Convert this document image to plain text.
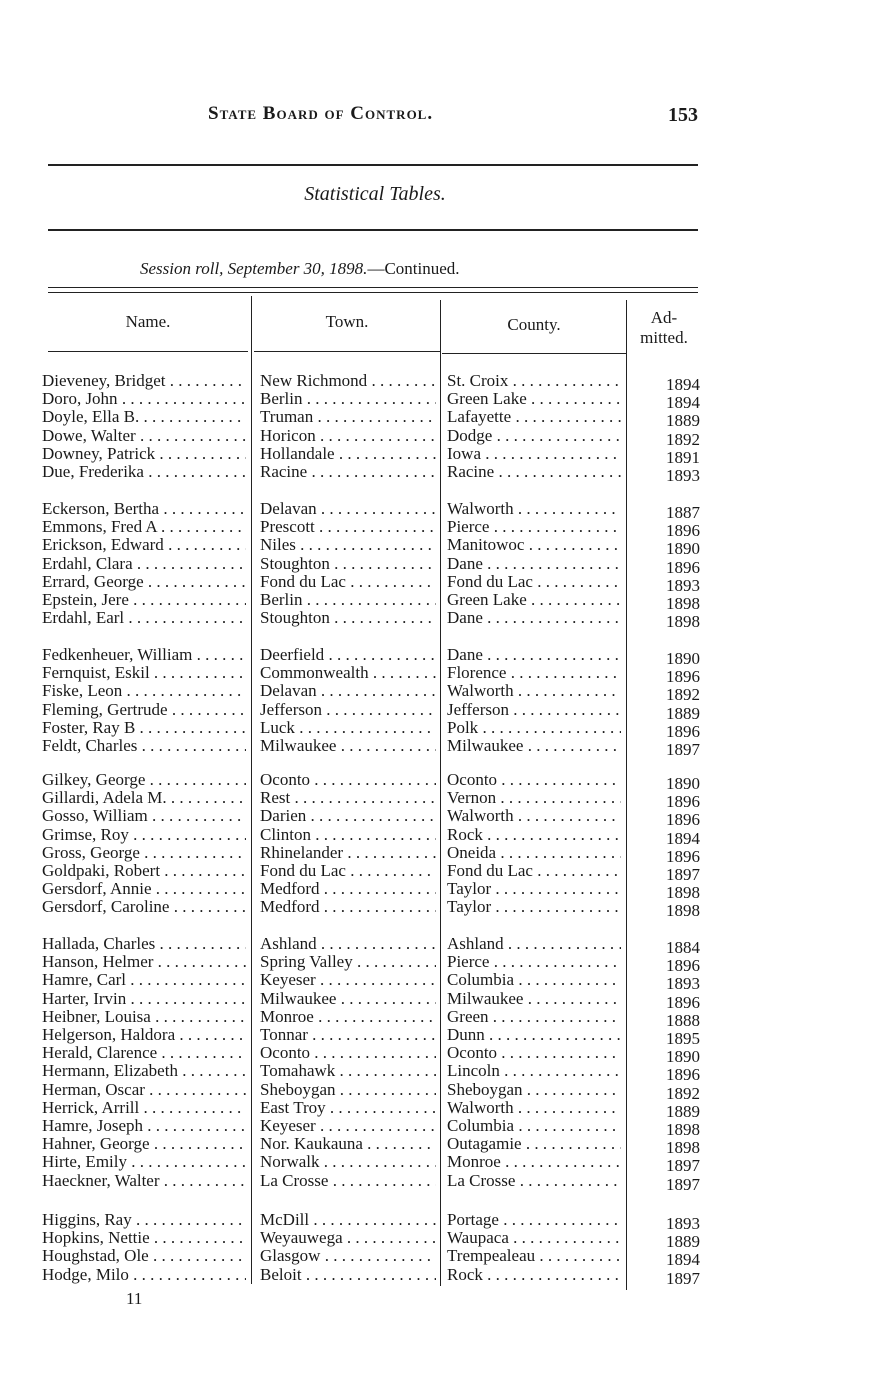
State Board of Control.	153
Statistical Tables.
Session roll, September 30, 1898.—Continued.
Name.	Town.	County.	Ad-
mitted.
Dieveney, Bridget . . .	New Richmond . . .	St. Croix . . .	1894
Doro, John . . .	Berlin . . .	Green Lake . . .	1894
Doyle, Ella B. . . .	Truman . . .	Lafayette . . .	1889
Dowe, Walter . . .	Horicon . . .	Dodge . . .	1892
Downey, Patrick . . .	Hollandale . . .	Iowa . . .	1891
Due, Frederika . . .	Racine . . .	Racine . . .	1893
Eckerson, Bertha . . .	Delavan . . .	Walworth . . .	1887
Emmons, Fred A . . .	Prescott . . .	Pierce . . .	1896
Erickson, Edward . . .	Niles . . .	Manitowoc . . .	1890
Erdahl, Clara . . .	Stoughton . . .	Dane . . .	1896
Errard, George . . .	Fond du Lac . . .	Fond du Lac . . .	1893
Epstein, Jere . . .	Berlin . . .	Green Lake . . .	1898
Erdahl, Earl . . .	Stoughton . . .	Dane . . .	1898
Fedkenheuer, William . . .	Deerfield . . .	Dane . . .	1890
Fernquist, Eskil . . .	Commonwealth . . .	Florence . . .	1896
Fiske, Leon . . .	Delavan . . .	Walworth . . .	1892
Fleming, Gertrude . . .	Jefferson . . .	Jefferson . . .	1889
Foster, Ray B . . .	Luck . . .	Polk . . .	1896
Feldt, Charles . . .	Milwaukee . . .	Milwaukee . . .	1897
Gilkey, George . . .	Oconto . . .	Oconto . . .	1890
Gillardi, Adela M. . . .	Rest . . .	Vernon . . .	1896
Gosso, William . . .	Darien . . .	Walworth . . .	1896
Grimse, Roy . . .	Clinton . . .	Rock . . .	1894
Gross, George . . .	Rhinelander . . .	Oneida . . .	1896
Goldpaki, Robert . . .	Fond du Lac . . .	Fond du Lac . . .	1897
Gersdorf, Annie . . .	Medford . . .	Taylor . . .	1898
Gersdorf, Caroline . . .	Medford . . .	Taylor . . .	1898
Hallada, Charles . . .	Ashland . . .	Ashland . . .	1884
Hanson, Helmer . . .	Spring Valley . . .	Pierce . . .	1896
Hamre, Carl . . .	Keyeser . . .	Columbia . . .	1893
Harter, Irvin . . .	Milwaukee . . .	Milwaukee . . .	1896
Heibner, Louisa . . .	Monroe . . .	Green . . .	1888
Helgerson, Haldora . . .	Tonnar . . .	Dunn . . .	1895
Herald, Clarence . . .	Oconto . . .	Oconto . . .	1890
Hermann, Elizabeth . . .	Tomahawk . . .	Lincoln . . .	1896
Herman, Oscar . . .	Sheboygan . . .	Sheboygan . . .	1892
Herrick, Arrill . . .	East Troy . . .	Walworth . . .	1889
Hamre, Joseph . . .	Keyeser . . .	Columbia . . .	1898
Hahner, George . . .	Nor. Kaukauna . . .	Outagamie . . .	1898
Hirte, Emily . . .	Norwalk . . .	Monroe . . .	1897
Haeckner, Walter . . .	La Crosse . . .	La Crosse . . .	1897
Higgins, Ray . . .	McDill . . .	Portage . . .	1893
Hopkins, Nettie . . .	Weyauwega . . .	Waupaca . . .	1889
Houghstad, Ole . . .	Glasgow . . .	Trempealeau . . .	1894
Hodge, Milo . . .	Beloit . . .	Rock . . .	1897
11
